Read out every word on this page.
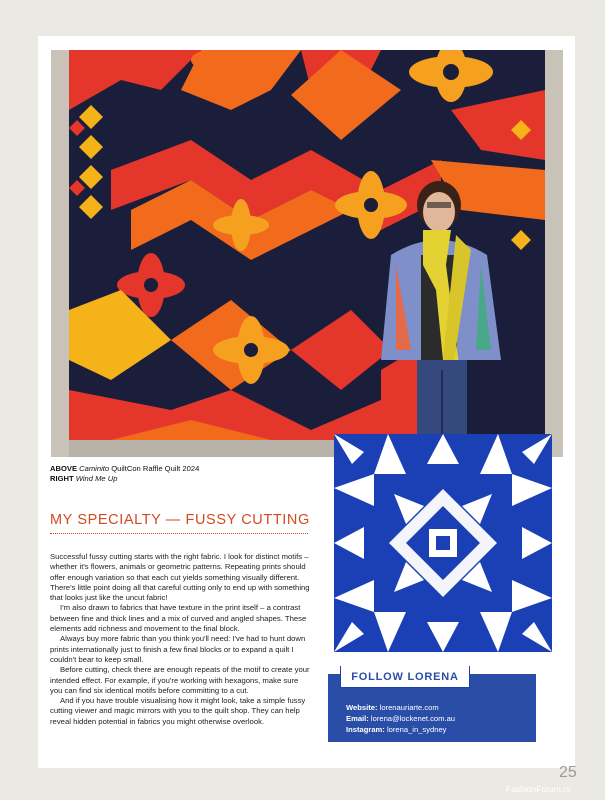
ABOVE Caminito QuiltCon Raffle Quilt 2024
RIGHT Wind Me Up
MY SPECIALTY — FUSSY CUTTING

Successful fussy cutting starts with the right fabric. I look for distinct motifs – whether it's flowers, animals or geometric patterns. Repeating prints should offer enough variation so that each cut yields something visually different. There's little point doing all that careful cutting only to end up with something that looks just like the uncut fabric!

I'm also drawn to fabrics that have texture in the print itself – a contrast between fine and thick lines and a mix of curved and angled shapes. These elements add richness and movement to the final block.

Always buy more fabric than you think you'll need: I've had to hunt down prints internationally just to finish a few final blocks or to expand a quilt I couldn't bear to keep small.

Before cutting, check there are enough repeats of the motif to create your intended effect. For example, if you're working with hexagons, make sure you can find six identical motifs before committing to a cut.

And if you have trouble visualising how it might look, take a simple fussy cutting viewer and magic mirrors with you to the quilt shop. They can help reveal hidden potential in fabrics you might otherwise overlook.

FOLLOW LORENA
Website: lorenauriarte.com
Email: lorena@lockenet.com.au
Instagram: lorena_in_sydney
25
FashionForum.ru
